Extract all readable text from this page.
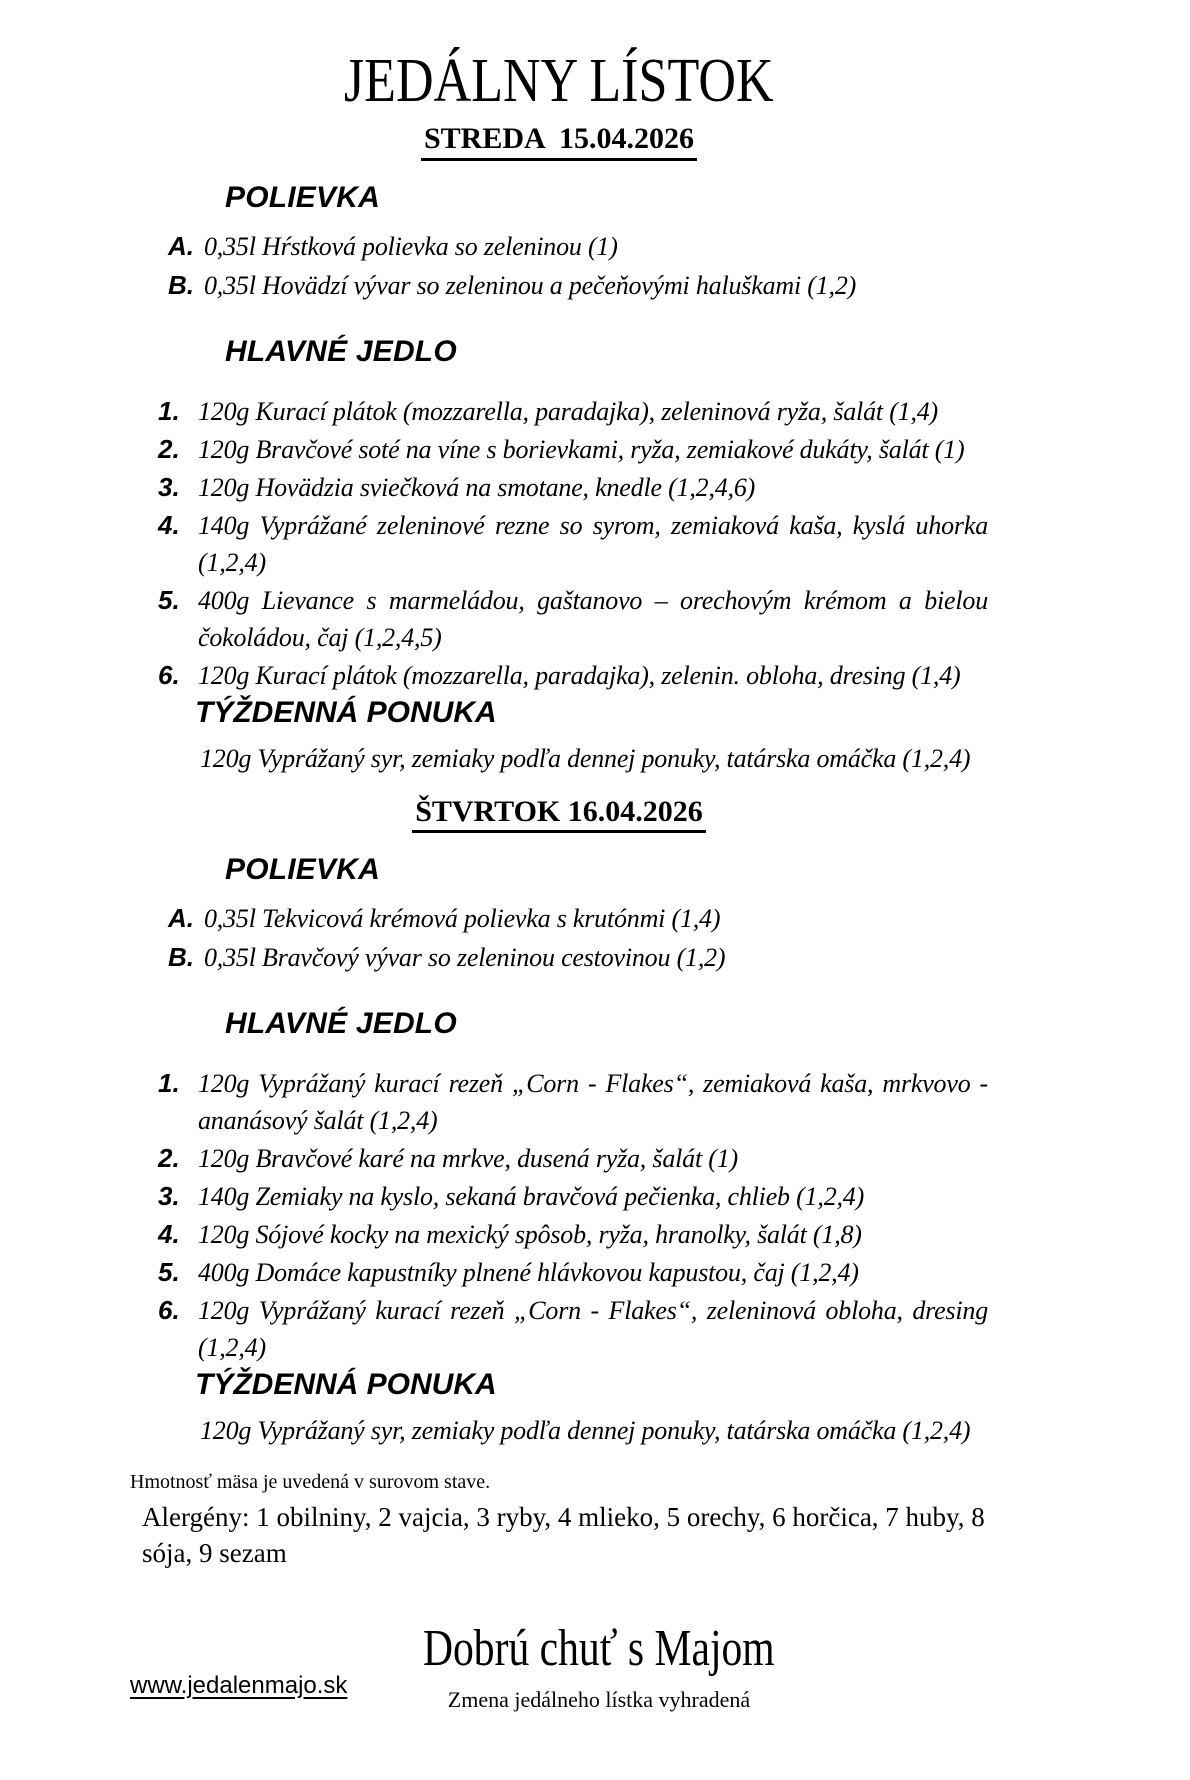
JEDÁLNY LÍSTOK
STREDA  15.04.2026
POLIEVKA
A. 0,35l Hŕstková polievka so zeleninou (1)
B. 0,35l Hovädzí vývar so zeleninou a pečeňovými haluškami (1,2)
HLAVNÉ JEDLO
1. 120g Kurací plátok (mozzarella, paradajka), zeleninová ryža, šalát (1,4)
2. 120g Bravčové soté na víne s borievkami, ryža, zemiakové dukáty, šalát (1)
3. 120g Hovädzia sviečková na smotane, knedle (1,2,4,6)
4. 140g Vyprážané zeleninové rezne so syrom, zemiaková kaša, kyslá uhorka (1,2,4)
5. 400g Lievance s marmeládou, gaštanovo – orechovým krémom a bielou čokoládou, čaj (1,2,4,5)
6. 120g Kurací plátok (mozzarella, paradajka), zelenin. obloha, dresing (1,4)
TÝŽDENNÁ PONUKA
120g Vyprážaný syr, zemiaky podľa dennej ponuky, tatárska omáčka (1,2,4)
ŠTVRTOK 16.04.2026
POLIEVKA
A. 0,35l Tekvicová krémová polievka s krutónmi (1,4)
B. 0,35l Bravčový vývar so zeleninou cestovinou (1,2)
HLAVNÉ JEDLO
1. 120g Vyprážaný kurací rezeň „Corn - Flakes“, zemiaková kaša, mrkvovo - ananásový šalát (1,2,4)
2. 120g Bravčové karé na mrkve, dusená ryža, šalát (1)
3. 140g Zemiaky na kyslo, sekaná bravčová pečienka, chlieb (1,2,4)
4. 120g Sójové kocky na mexický spôsob, ryža, hranolky, šalát (1,8)
5. 400g Domáce kapustníky plnené hlávkovou kapustou, čaj (1,2,4)
6. 120g Vyprážaný kurací rezeň „Corn - Flakes“, zeleninová obloha, dresing (1,2,4)
TÝŽDENNÁ PONUKA
120g Vyprážaný syr, zemiaky podľa dennej ponuky, tatárska omáčka (1,2,4)
Hmotnosť mäsa je uvedená v surovom stave.
Alergény: 1 obilniny, 2 vajcia, 3 ryby, 4 mlieko, 5 orechy, 6 horčica, 7 huby, 8 sója, 9 sezam
www.jedalenmajo.sk
Dobrú chuť s Majom
Zmena jedálneho lístka vyhradená
